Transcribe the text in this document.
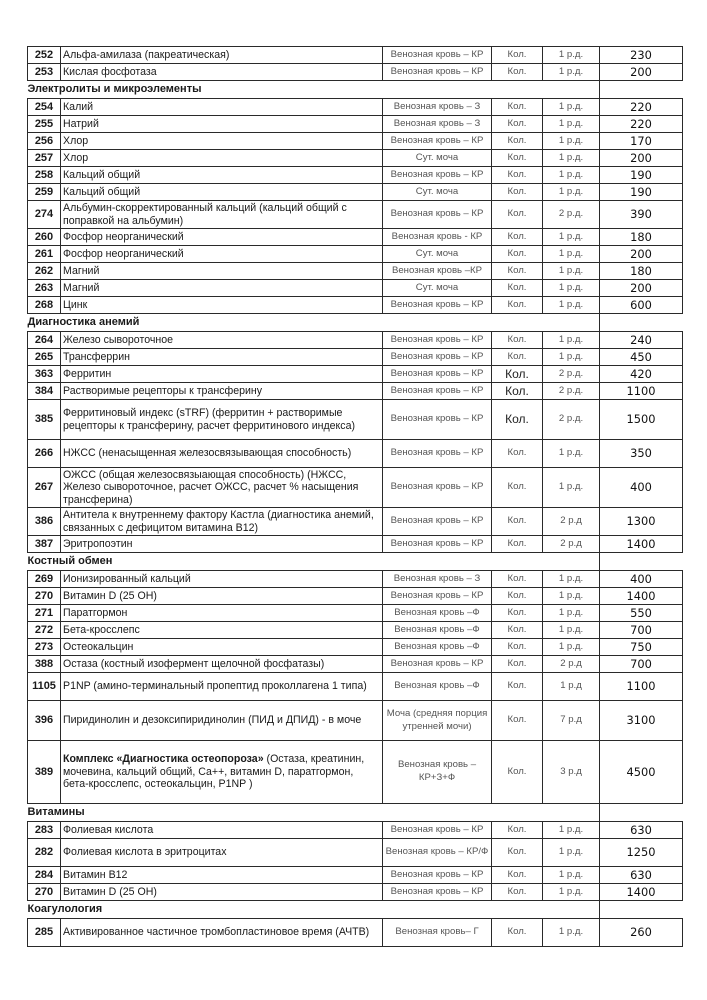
252	Альфа-амилаза (пакреатическая)	Венозная кровь – КР	Кол.	1 р.д.	230
253	Кислая фосфотаза	Венозная кровь – КР	Кол.	1 р.д.	200
Электролиты и микроэлементы					
254	Калий	Венозная кровь – З	Кол.	1 р.д.	220
255	Натрий	Венозная кровь – З	Кол.	1 р.д.	220
256	Хлор	Венозная кровь – КР	Кол.	1 р.д.	170
257	Хлор	Сут. моча	Кол.	1 р.д.	200
258	Кальций общий	Венозная кровь – КР	Кол.	1 р.д.	190
259	Кальций общий	Сут. моча	Кол.	1 р.д.	190
274	Альбумин-скорректированный кальций (кальций общий с поправкой на альбумин)	Венозная кровь – КР	Кол.	2 р.д.	390
260	Фосфор неорганический	Венозная кровь - КР	Кол.	1 р.д.	180
261	Фосфор неорганический	Сут. моча	Кол.	1 р.д.	200
262	Магний	Венозная кровь –КР	Кол.	1 р.д.	180
263	Магний	Сут. моча	Кол.	1 р.д.	200
268	Цинк	Венозная кровь – КР	Кол.	1 р.д.	600
Диагностика анемий					
264	Железо сывороточное	Венозная кровь – КР	Кол.	1 р.д.	240
265	Трансферрин	Венозная кровь – КР	Кол.	1 р.д.	450
363	Ферритин	Венозная кровь – КР	Кол.	2 р.д.	420
384	Растворимые рецепторы к трансферину	Венозная кровь – КР	Кол.	2 р.д.	1100
385	Ферритиновый индекс (sTRF) (ферритин + растворимые рецепторы к трансферину, расчет ферритинового индекса)	Венозная кровь – КР	Кол.	2 р.д.	1500
266	НЖСС (ненасыщенная железосвязывающая способность)	Венозная кровь – КР	Кол.	1 р.д.	350
267	ОЖСС (общая железосвязыающая способность) (НЖСС, Железо сывороточное, расчет ОЖСС, расчет % насыщения трансферина)	Венозная кровь – КР	Кол.	1 р.д.	400
386	Антитела к внутреннему фактору Кастла (диагностика анемий, связанных с дефицитом витамина В12)	Венозная кровь – КР	Кол.	2 р.д	1300
387	Эритропоэтин	Венозная кровь – КР	Кол.	2 р.д	1400
Костный обмен					
269	Ионизированный кальций	Венозная кровь – З	Кол.	1 р.д.	400
270	Витамин D (25 OH)	Венозная кровь – КР	Кол.	1 р.д.	1400
271	Паратгормон	Венозная кровь –Ф	Кол.	1 р.д.	550
272	Бета-кросслепс	Венозная кровь –Ф	Кол.	1 р.д.	700
273	Остеокальцин	Венозная кровь –Ф	Кол.	1 р.д.	750
388	Остаза (костный изофермент щелочной фосфатазы)	Венозная кровь – КР	Кол.	2 р.д	700
1105	P1NP (амино-терминальный пропептид проколлагена 1 типа)	Венозная кровь –Ф	Кол.	1 р.д	1100
396	Пиридинолин и дезоксипиридинолин (ПИД и ДПИД) - в моче	Моча (средняя порция утренней мочи)	Кол.	7 р.д	3100
389	Комплекс «Диагностика остеопороза» (Остаза, креатинин, мочевина, кальций общий, Са++, витамин D, паратгормон, бета-кросслепс, остеокальцин, P1NP )	Венозная кровь – КР+З+Ф	Кол.	3 р.д	4500
Витамины					
283	Фолиевая кислота	Венозная кровь – КР	Кол.	1 р.д.	630
282	Фолиевая кислота в эритроцитах	Венозная кровь – КР/Ф	Кол.	1 р.д.	1250
284	Витамин В12	Венозная кровь – КР	Кол.	1 р.д.	630
270	Витамин D (25 OH)	Венозная кровь – КР	Кол.	1 р.д.	1400
Коагулология					
285	Активированное частичное тромбопластиновое время (АЧТВ)	Венозная кровь– Г	Кол.	1 р.д.	260
